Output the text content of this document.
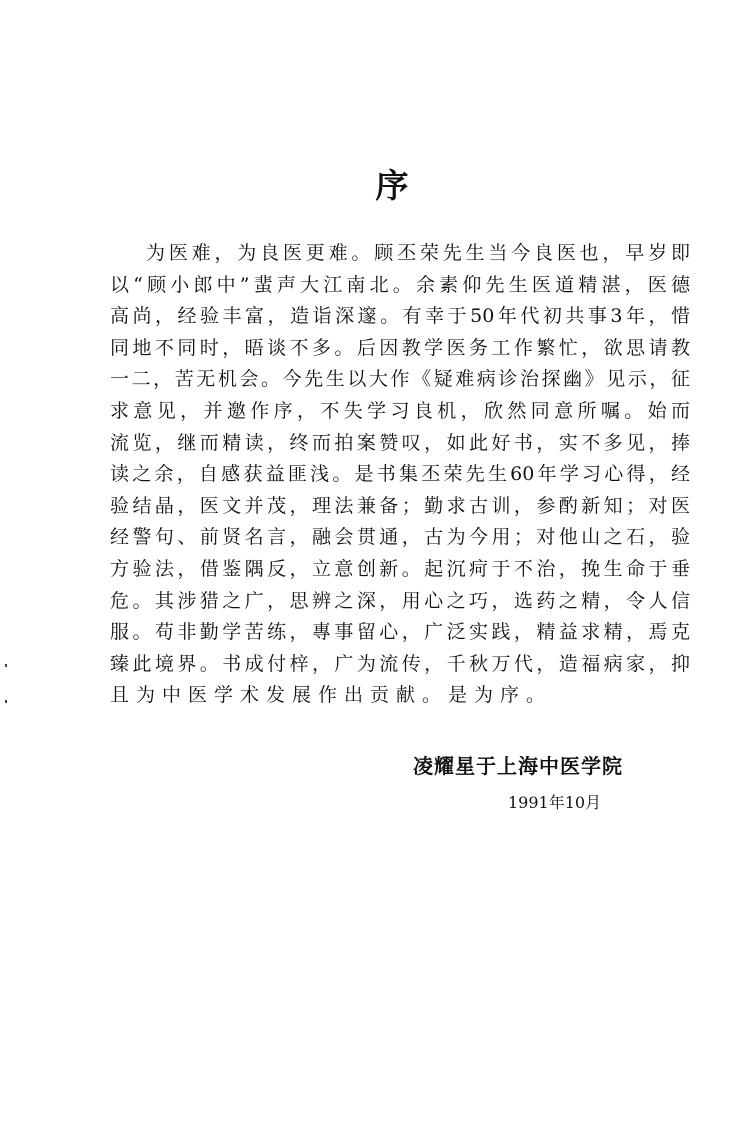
序
为医难，为良医更难。顾丕荣先生当今良医也，早岁即
以“顾小郎中”蜚声大江南北。余素仰先生医道精湛，医德
高尚，经验丰富，造诣深邃。有幸于50年代初共事3年，惜
同地不同时，晤谈不多。后因教学医务工作繁忙，欲思请教
一二，苦无机会。今先生以大作《疑难病诊治探幽》见示，征
求意见，并邀作序，不失学习良机，欣然同意所嘱。始而
流览，继而精读，终而拍案赞叹，如此好书，实不多见，捧
读之余，自感获益匪浅。是书集丕荣先生60年学习心得，经
验结晶，医文并茂，理法兼备；勤求古训，参酌新知；对医
经警句、前贤名言，融会贯通，古为今用；对他山之石，验
方验法，借鉴隅反，立意创新。起沉疴于不治，挽生命于垂
危。其涉猎之广，思辨之深，用心之巧，选药之精，令人信
服。苟非勤学苦练，專事留心，广泛实践，精益求精，焉克
臻此境界。书成付梓，广为流传，千秋万代，造福病家，抑
且为中医学术发展作出贡献。是为序。
凌耀星于上海中医学院
1991年10月
